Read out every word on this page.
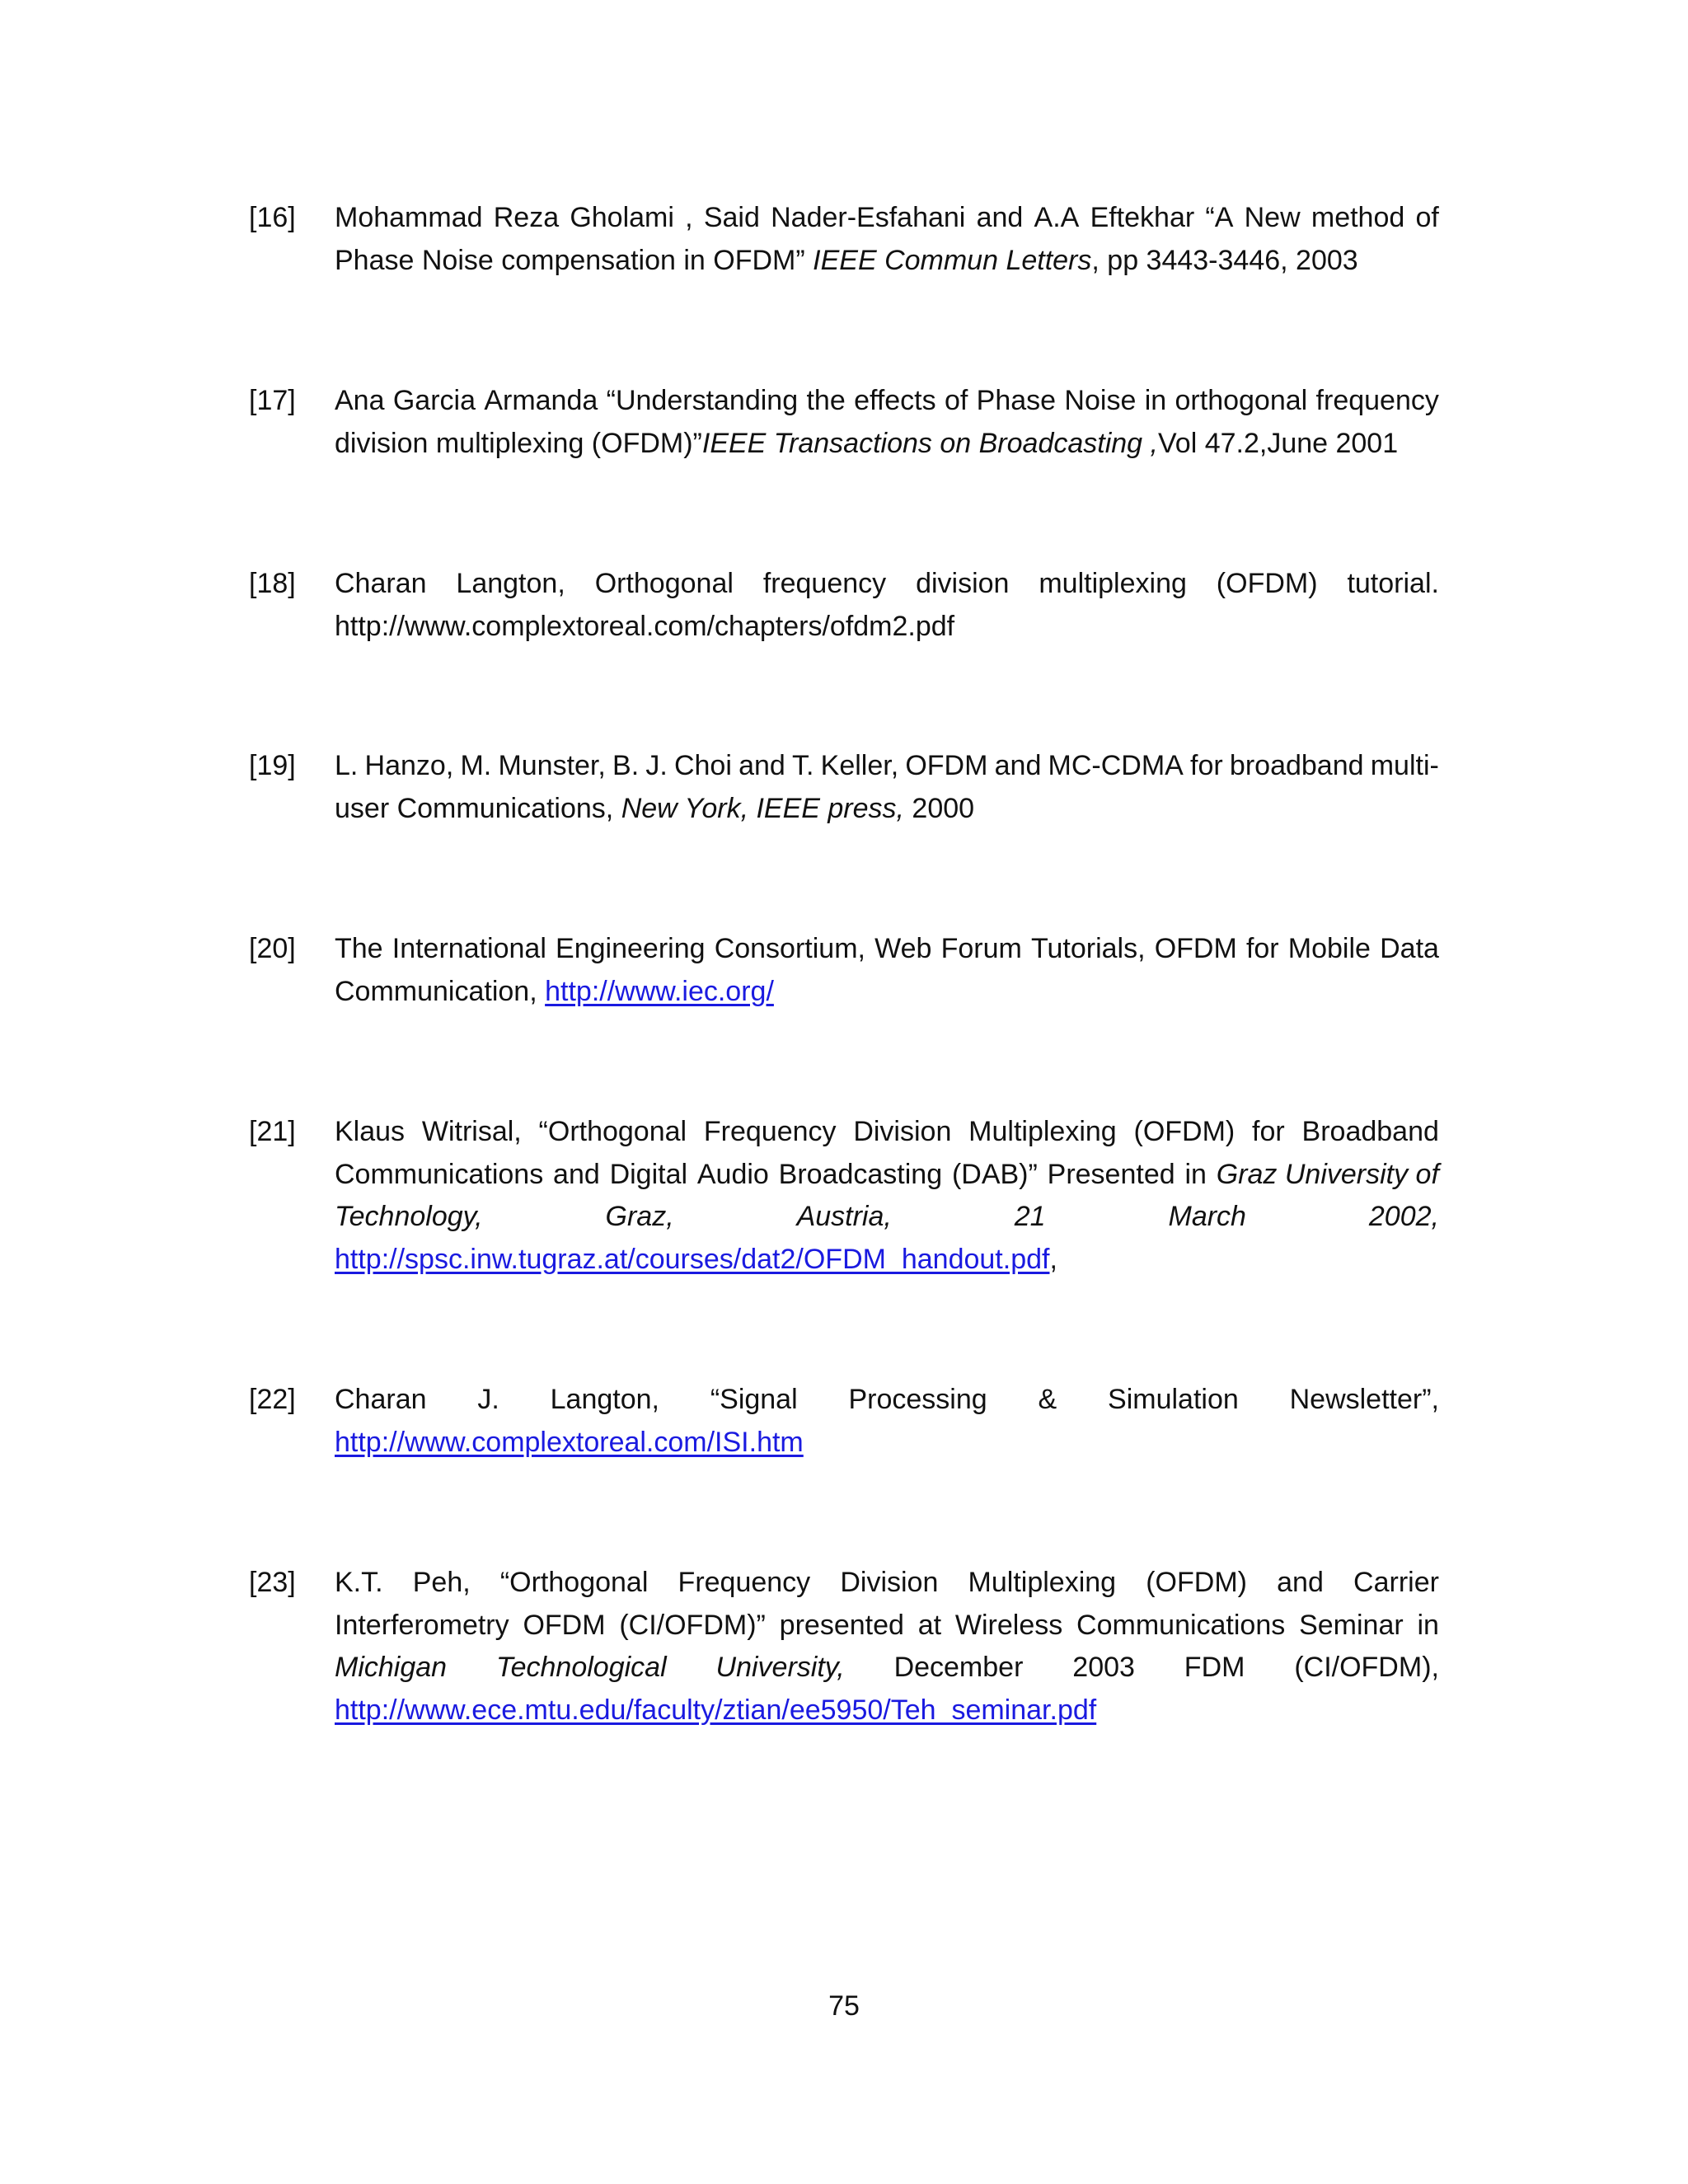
[16] Mohammad Reza Gholami , Said Nader-Esfahani and A.A Eftekhar “A New method of
Phase Noise compensation in OFDM” IEEE Commun Letters, pp 3443-3446, 2003
[17] Ana Garcia Armanda “Understanding the effects of Phase Noise in orthogonal frequency
division multiplexing (OFDM)”IEEE Transactions on Broadcasting ,Vol 47.2,June 2001
[18] Charan Langton, Orthogonal frequency division multiplexing (OFDM) tutorial.
http://www.complextoreal.com/chapters/ofdm2.pdf
[19] L. Hanzo, M. Munster, B. J. Choi and T. Keller, OFDM and MC-CDMA for broadband multi-
user Communications, New York, IEEE press, 2000
[20] The International Engineering Consortium, Web Forum Tutorials, OFDM for Mobile Data
Communication, http://www.iec.org/
[21] Klaus Witrisal, “Orthogonal Frequency Division Multiplexing (OFDM) for Broadband
Communications and Digital Audio Broadcasting (DAB)” Presented in Graz University of
Technology,	Graz,	Austria,	21	March	2002,
http://spsc.inw.tugraz.at/courses/dat2/OFDM_handout.pdf,
[22] Charan J. Langton, “Signal Processing & Simulation Newsletter”,
http://www.complextoreal.com/ISI.htm
[23] K.T. Peh, “Orthogonal Frequency Division Multiplexing (OFDM) and Carrier
Interferometry OFDM (CI/OFDM)” presented at Wireless Communications Seminar in
Michigan Technological University, December 2003 FDM (CI/OFDM),
http://www.ece.mtu.edu/faculty/ztian/ee5950/Teh_seminar.pdf
75
